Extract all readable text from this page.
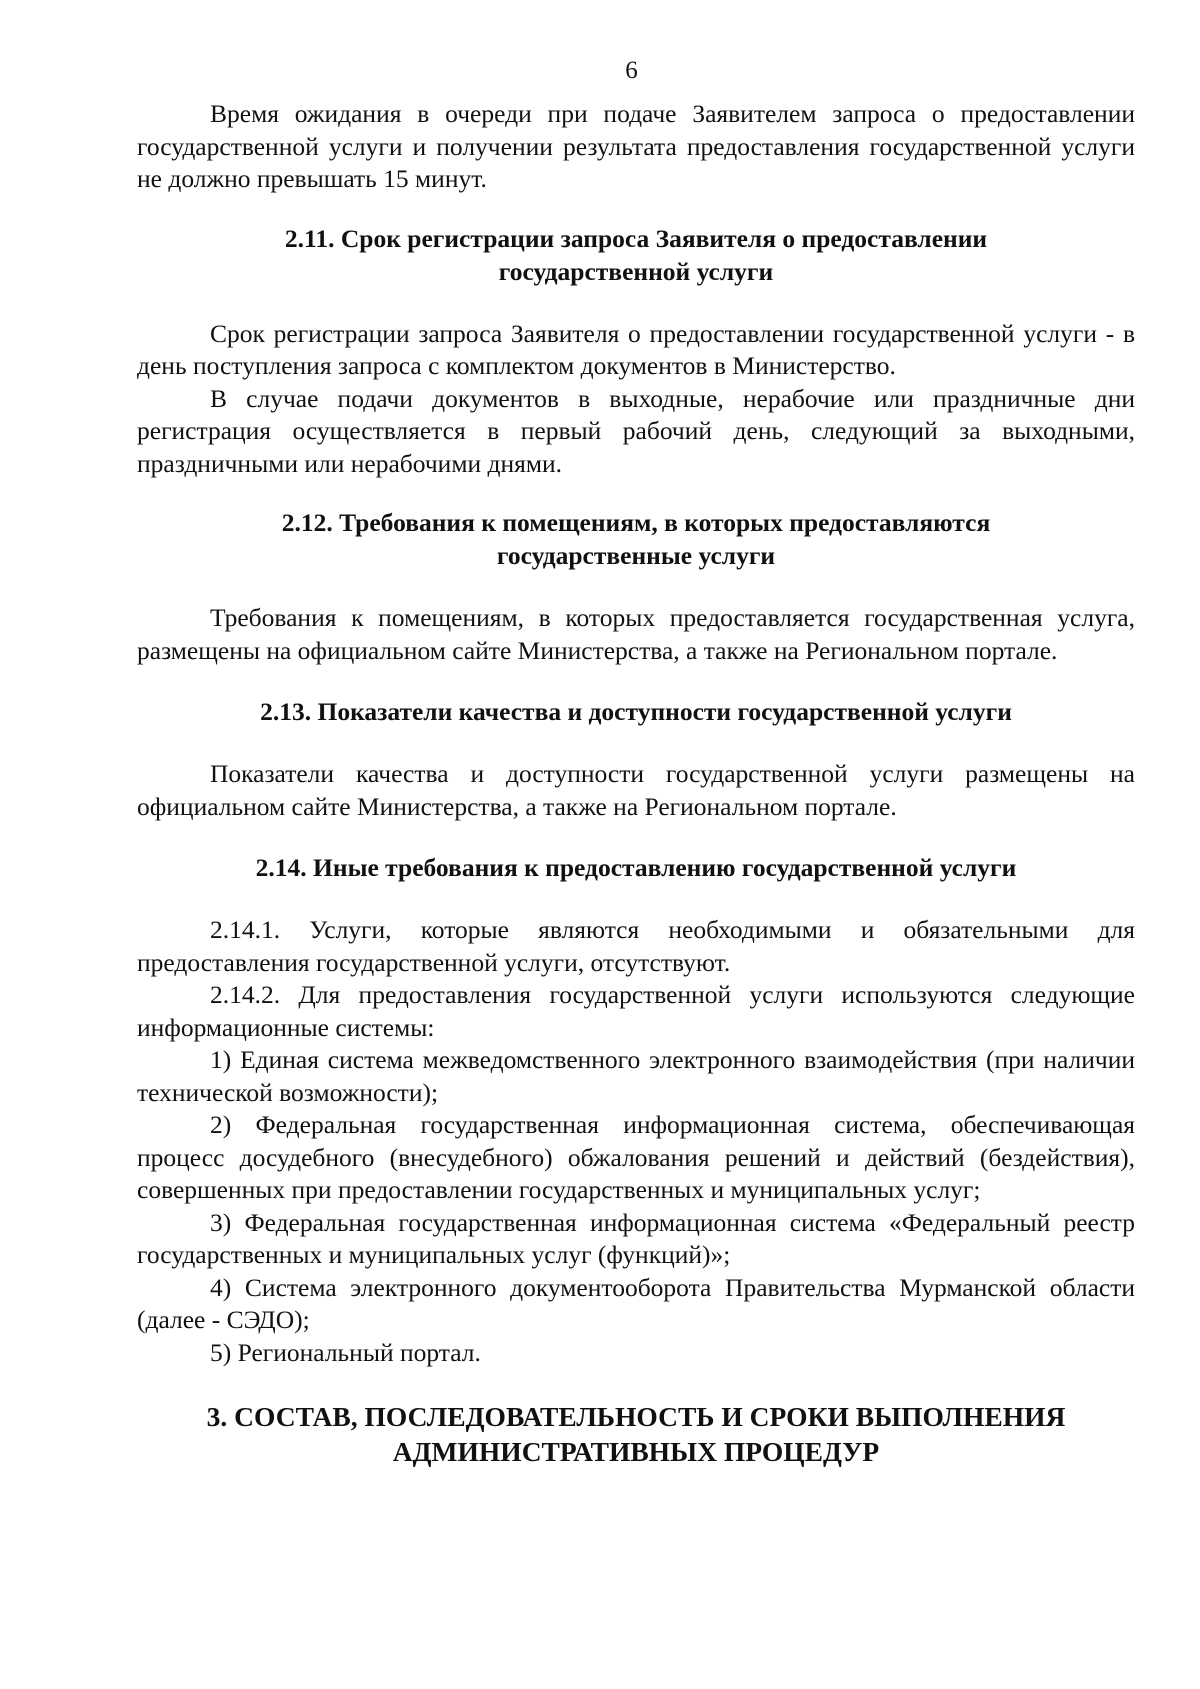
6

Время ожидания в очереди при подаче Заявителем запроса о предоставлении государственной услуги и получении результата предоставления государственной услуги не должно превышать 15 минут.

2.11. Срок регистрации запроса Заявителя о предоставлении
государственной услуги

Срок регистрации запроса Заявителя о предоставлении государственной услуги - в день поступления запроса с комплектом документов в Министерство.

В случае подачи документов в выходные, нерабочие или праздничные дни регистрация осуществляется в первый рабочий день, следующий за выходными, праздничными или нерабочими днями.

2.12. Требования к помещениям, в которых предоставляются
государственные услуги

Требования к помещениям, в которых предоставляется государственная услуга, размещены на официальном сайте Министерства, а также на Региональном портале.

2.13. Показатели качества и доступности государственной услуги

Показатели качества и доступности государственной услуги размещены на официальном сайте Министерства, а также на Региональном портале.

2.14. Иные требования к предоставлению государственной услуги

2.14.1. Услуги, которые являются необходимыми и обязательными для предоставления государственной услуги, отсутствуют.

2.14.2. Для предоставления государственной услуги используются следующие информационные системы:

1) Единая система межведомственного электронного взаимодействия (при наличии технической возможности);

2) Федеральная государственная информационная система, обеспечивающая процесс досудебного (внесудебного) обжалования решений и действий (бездействия), совершенных при предоставлении государственных и муниципальных услуг;

3) Федеральная государственная информационная система «Федеральный реестр государственных и муниципальных услуг (функций)»;

4) Система электронного документооборота Правительства Мурманской области (далее - СЭДО);

5) Региональный портал.

3. СОСТАВ, ПОСЛЕДОВАТЕЛЬНОСТЬ И СРОКИ ВЫПОЛНЕНИЯ
АДМИНИСТРАТИВНЫХ ПРОЦЕДУР
